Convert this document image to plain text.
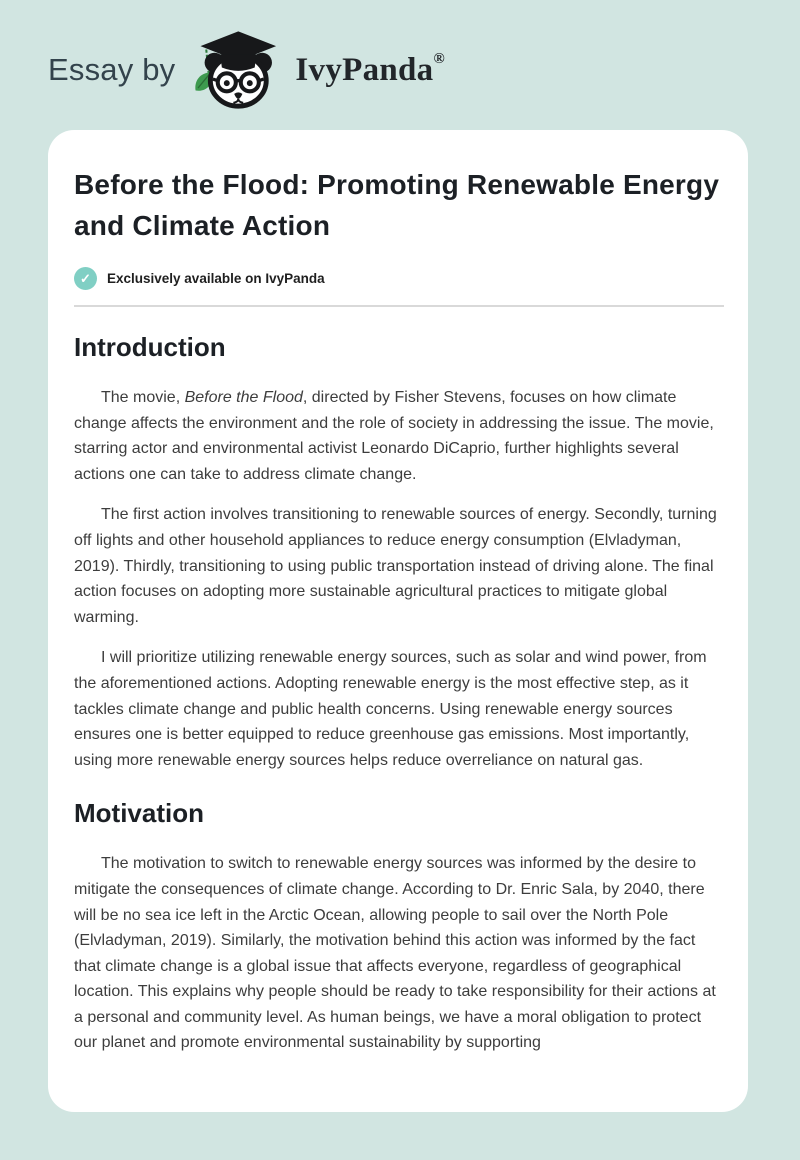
Essay by	IvyPanda ®
Before the Flood: Promoting Renewable Energy and Climate Action
✓	Exclusively available on IvyPanda
Introduction

The movie, Before the Flood, directed by Fisher Stevens, focuses on how climate change affects the environment and the role of society in addressing the issue. The movie, starring actor and environmental activist Leonardo DiCaprio, further highlights several actions one can take to address climate change.

The first action involves transitioning to renewable sources of energy. Secondly, turning off lights and other household appliances to reduce energy consumption (Elvladyman, 2019). Thirdly, transitioning to using public transportation instead of driving alone. The final action focuses on adopting more sustainable agricultural practices to mitigate global warming.

I will prioritize utilizing renewable energy sources, such as solar and wind power, from the aforementioned actions. Adopting renewable energy is the most effective step, as it tackles climate change and public health concerns. Using renewable energy sources ensures one is better equipped to reduce greenhouse gas emissions. Most importantly, using more renewable energy sources helps reduce overreliance on natural gas.

Motivation

The motivation to switch to renewable energy sources was informed by the desire to mitigate the consequences of climate change. According to Dr. Enric Sala, by 2040, there will be no sea ice left in the Arctic Ocean, allowing people to sail over the North Pole (Elvladyman, 2019). Similarly, the motivation behind this action was informed by the fact that climate change is a global issue that affects everyone, regardless of geographical location. This explains why people should be ready to take responsibility for their actions at a personal and community level. As human beings, we have a moral obligation to protect our planet and promote environmental sustainability by supporting
